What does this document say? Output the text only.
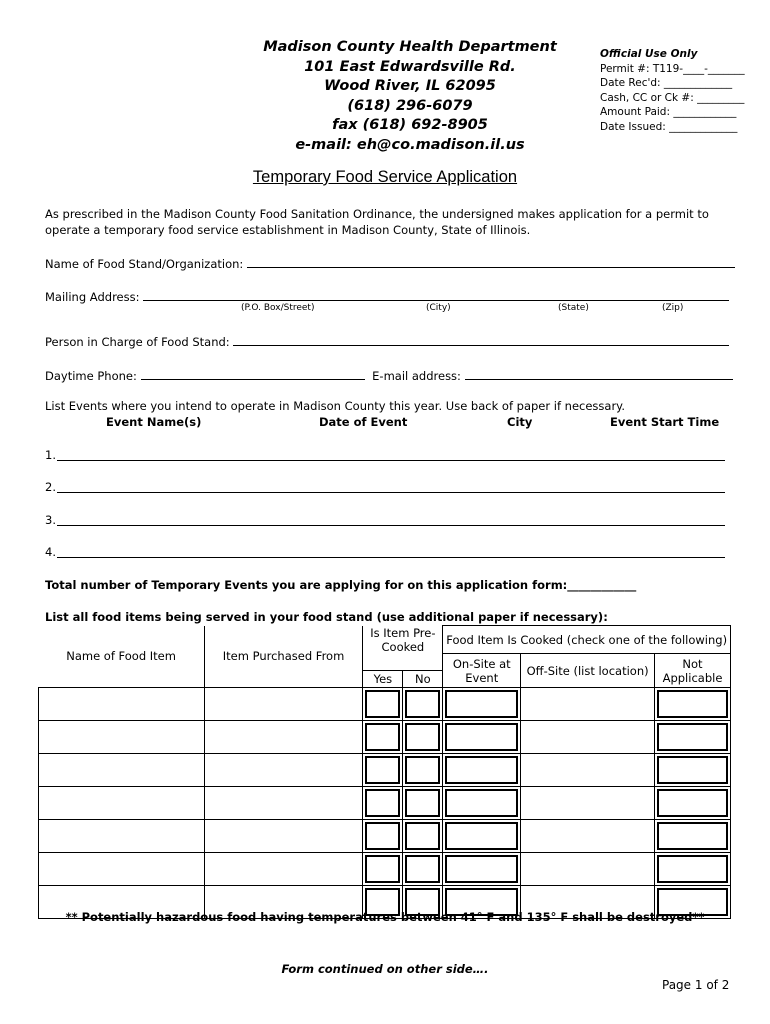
Madison County Health Department
101 East Edwardsville Rd.
Wood River, IL 62095
(618) 296-6079
fax (618) 692-8905
e-mail: eh@co.madison.il.us
Official Use Only
Permit #: T119-____-_______
Date Rec'd: _____________
Cash, CC or Ck #: _________
Amount Paid: ____________
Date Issued: _____________
Temporary Food Service Application
As prescribed in the Madison County Food Sanitation Ordinance, the undersigned makes application for a permit to operate a temporary food service establishment in Madison County, State of Illinois.
Name of Food Stand/Organization:
Mailing Address:
(P.O. Box/Street)	(City)	(State)	(Zip)
Person in Charge of Food Stand:
Daytime Phone:	E-mail address:
List Events where you intend to operate in Madison County this year. Use back of paper if necessary.
Event Name(s)	Date of Event	City	Event Start Time
1.
2.
3.
4.
Total number of Temporary Events you are applying for on this application form:____________
List all food items being served in your food stand (use additional paper if necessary):
Name of Food Item	Item Purchased From	Is Item Pre-Cooked		Food Item Is Cooked (check one of the following)		
				On-Site at Event	Off-Site (list location)	Not Applicable
		Yes	No			

** Potentially hazardous food having temperatures between 41° F and 135° F shall be destroyed**
Form continued on other side….
Page 1 of 2
